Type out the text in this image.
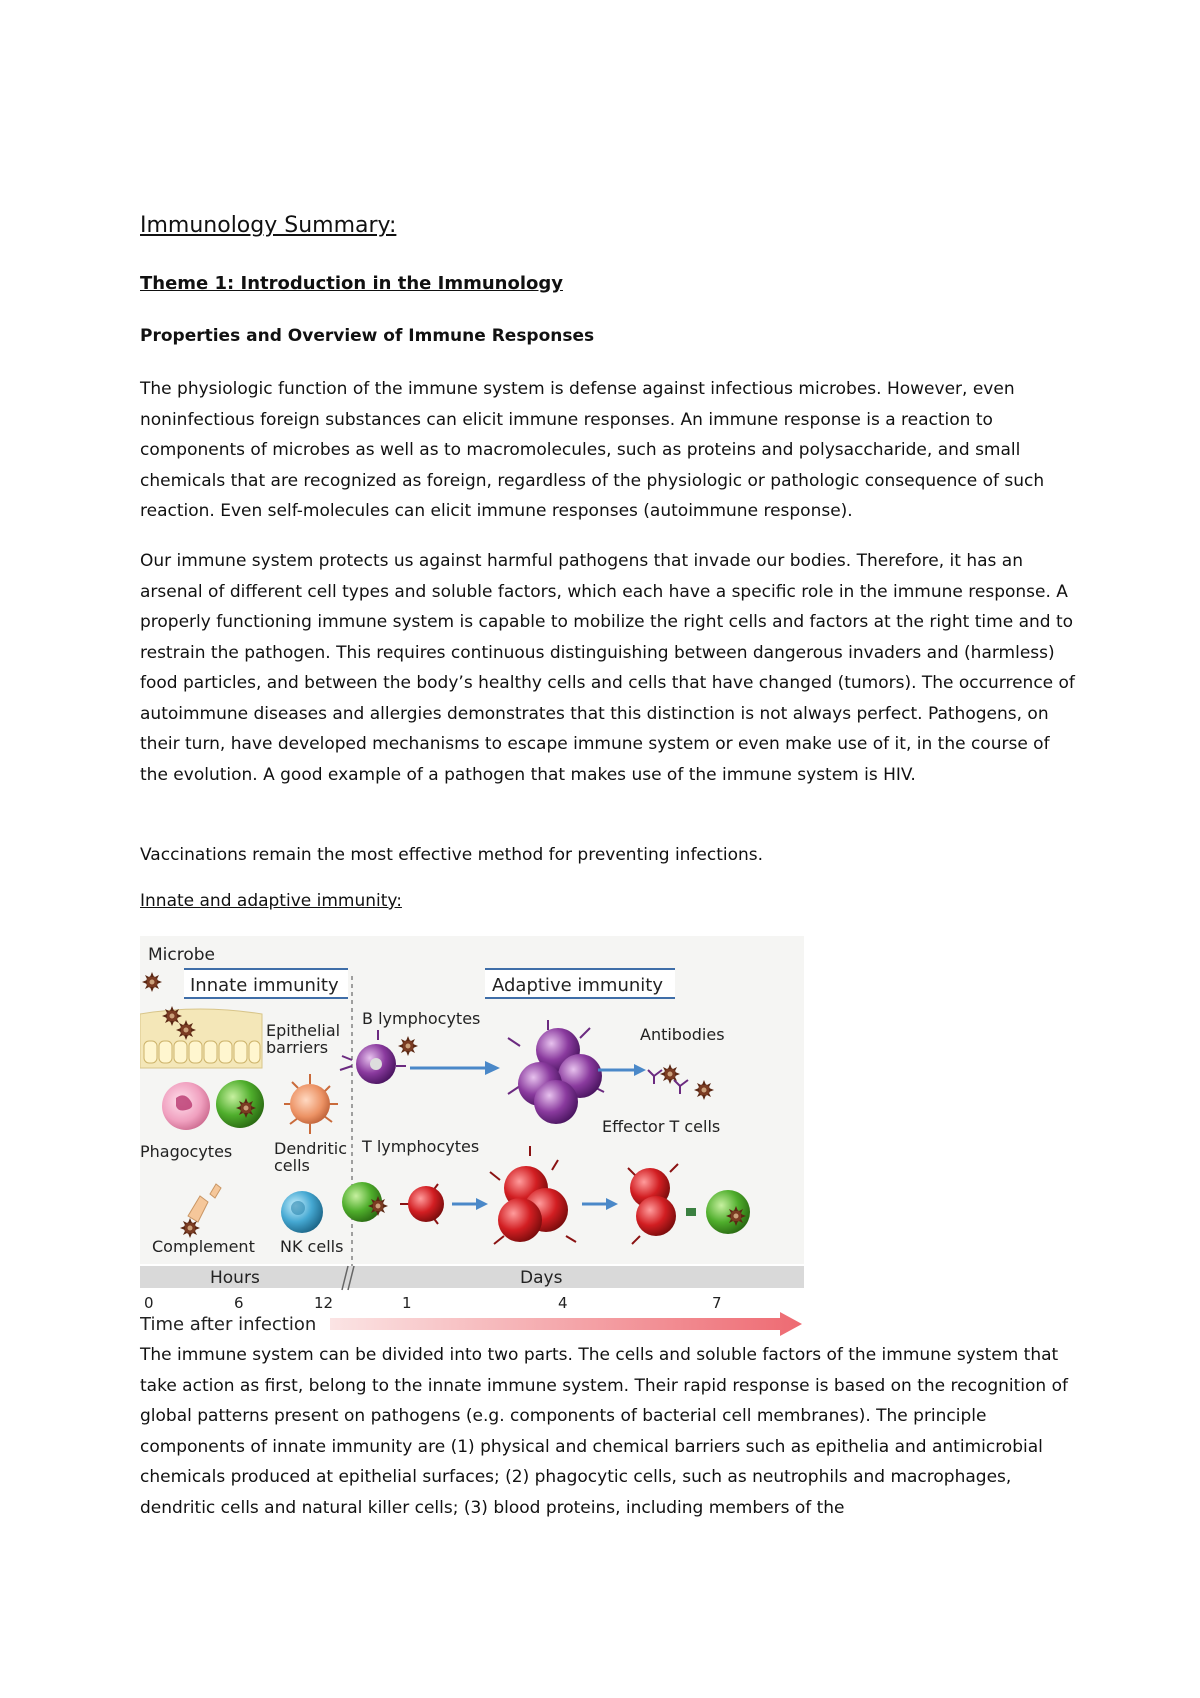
Immunology Summary:
Theme 1: Introduction in the Immunology
Properties and Overview of Immune Responses

The physiologic function of the immune system is defense against infectious microbes. However, even noninfectious foreign substances can elicit immune responses. An immune response is a reaction to components of microbes as well as to macromolecules, such as proteins and polysaccharide, and small chemicals that are recognized as foreign, regardless of the physiologic or pathologic consequence of such reaction. Even self-molecules can elicit immune responses (autoimmune response).

Our immune system protects us against harmful pathogens that invade our bodies. Therefore, it has an arsenal of different cell types and soluble factors, which each have a specific role in the immune response. A properly functioning immune system is capable to mobilize the right cells and factors at the right time and to restrain the pathogen. This requires continuous distinguishing between dangerous invaders and (harmless) food particles, and between the body’s healthy cells and cells that have changed (tumors). The occurrence of autoimmune diseases and allergies demonstrates that this distinction is not always perfect. Pathogens, on their turn, have developed mechanisms to escape immune system or even make use of it, in the course of the evolution. A good example of a pathogen that makes use of the immune system is HIV.

Vaccinations remain the most effective method for preventing infections.

Innate and adaptive immunity:
Microbe
Innate immunity	Adaptive immunity
Epithelial
barriers
Phagocytes	Dendritic
cells
Complement NK cells
B lymphocytes
Antibodies
T lymphocytes
Effector T cells
Hours	Days
0	6	12	1	4	7
Time after infection

The immune system can be divided into two parts. The cells and soluble factors of the immune system that take action as first, belong to the innate immune system. Their rapid response is based on the recognition of global patterns present on pathogens (e.g. components of bacterial cell membranes). The principle components of innate immunity are (1) physical and chemical barriers such as epithelia and antimicrobial chemicals produced at epithelial surfaces; (2) phagocytic cells, such as neutrophils and macrophages, dendritic cells and natural killer cells; (3) blood proteins, including members of the
